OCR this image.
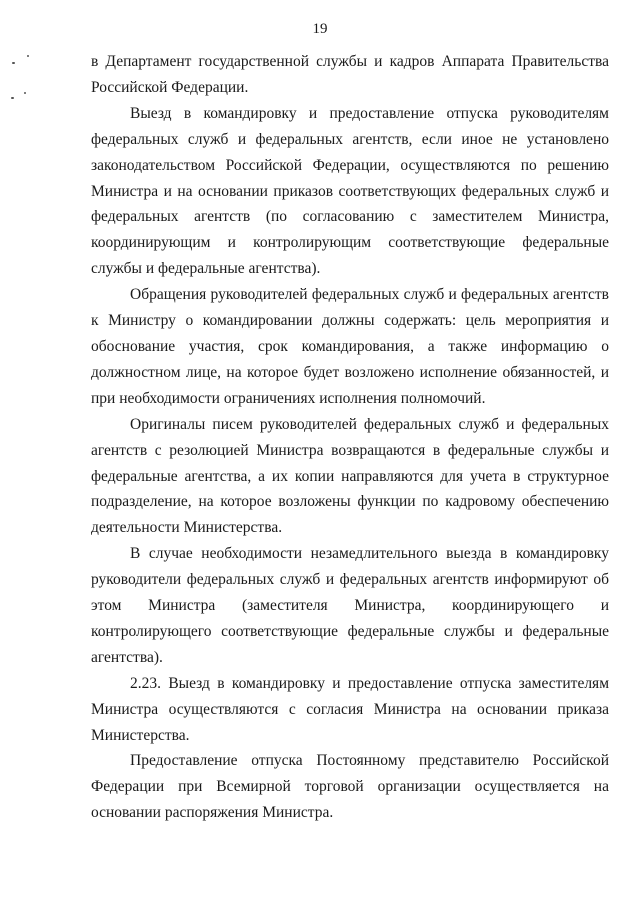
19

в Департамент государственной службы и кадров Аппарата Правительства Российской Федерации.

Выезд в командировку и предоставление отпуска руководителям федеральных служб и федеральных агентств, если иное не установлено законодательством Российской Федерации, осуществляются по решению Министра и на основании приказов соответствующих федеральных служб и федеральных агентств (по согласованию с заместителем Министра, координирующим и контролирующим соответствующие федеральные службы и федеральные агентства).

Обращения руководителей федеральных служб и федеральных агентств к Министру о командировании должны содержать: цель мероприятия и обоснование участия, срок командирования, а также информацию о должностном лице, на которое будет возложено исполнение обязанностей, и при необходимости ограничениях исполнения полномочий.

Оригиналы писем руководителей федеральных служб и федеральных агентств с резолюцией Министра возвращаются в федеральные службы и федеральные агентства, а их копии направляются для учета в структурное подразделение, на которое возложены функции по кадровому обеспечению деятельности Министерства.

В случае необходимости незамедлительного выезда в командировку руководители федеральных служб и федеральных агентств информируют об этом Министра (заместителя Министра, координирующего и контролирующего соответствующие федеральные службы и федеральные агентства).

2.23. Выезд в командировку и предоставление отпуска заместителям Министра осуществляются с согласия Министра на основании приказа Министерства.

Предоставление отпуска Постоянному представителю Российской Федерации при Всемирной торговой организации осуществляется на основании распоряжения Министра.
